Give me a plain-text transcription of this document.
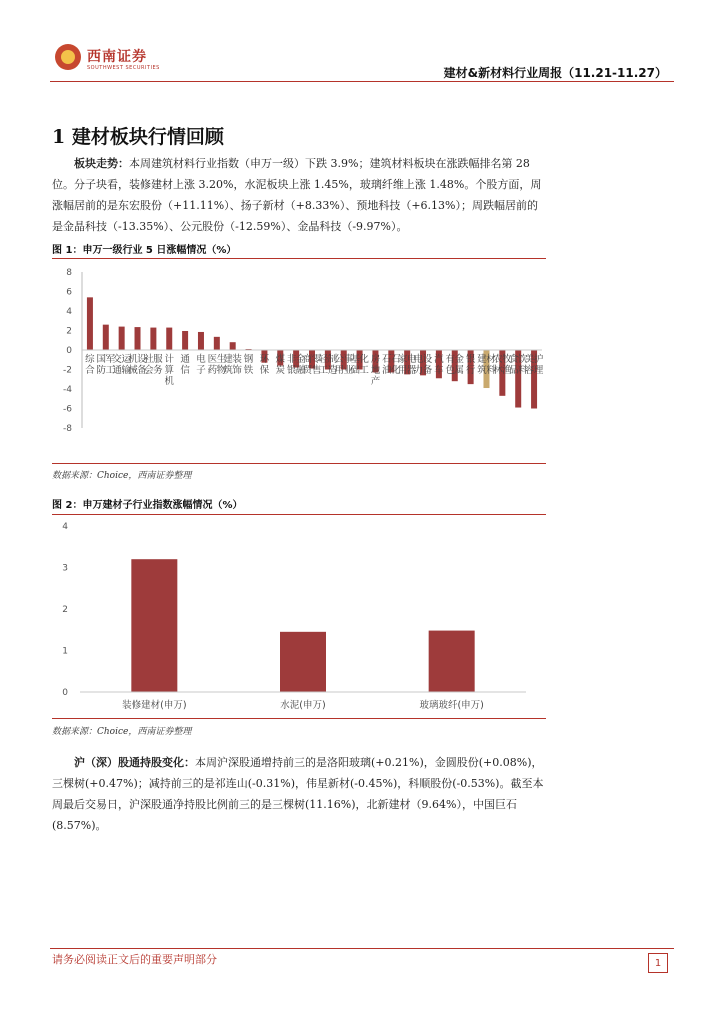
西南证券
SOUTHWEST SECURITIES	建材&新材料行业周报（11.21-11.27）
1 建材板块行情回顾

板块走势：本周建筑材料行业指数（申万一级）下跌 3.9%；建筑材料板块在涨跌幅排名第 28 位。分子块看，装修建材上涨 3.20%，水泥板块上涨 1.45%，玻璃纤维上涨 1.48%。个股方面，周涨幅居前的是东宏股份（+11.11%）、扬子新材（+8.33%）、预地科技（+6.13%）；周跌幅居前的是金晶科技（-13.35%）、公元股份（-12.59%）、金晶科技（-9.97%）。

图 1：申万一级行业 5 日涨幅情况（%）
8
6
4
2
0
-2
-4
-6
-8
综
合
国
防
军
工
交
通
运
输
机
械
设
备
社
会
服
务
计
算
机
通
信
电
子
医
药
生
物
建
筑
装
饰
钢
铁
环
保
煤
炭
非
银
金
融
商
贸
零
售
轻
工
制
造
公
用
事
业
基
础
化
工
房
地
产
石
油
石
化
家
用
电
器
电
力
设
备
汽
车
有
色
金
属
银
行
建
筑
材
料
农
林
牧
渔
食
品
饮
料
美
容
护
理
数据来源：Choice，西南证券整理
图 2：申万建材子行业指数涨幅情况（%）
4
3
2
1
0
装修建材(申万)	水泥(申万)	玻璃玻纤(申万)
数据来源：Choice，西南证券整理

沪（深）股通持股变化：本周沪深股通增持前三的是洛阳玻璃(+0.21%)，金圆股份(+0.08%)，三棵树(+0.47%)；减持前三的是祁连山(-0.31%)，伟星新材(-0.45%)，科顺股份(-0.53%)。截至本周最后交易日，沪深股通净持股比例前三的是三棵树(11.16%)，北新建材（9.64%），中国巨石(8.57%)。

请务必阅读正文后的重要声明部分	1
